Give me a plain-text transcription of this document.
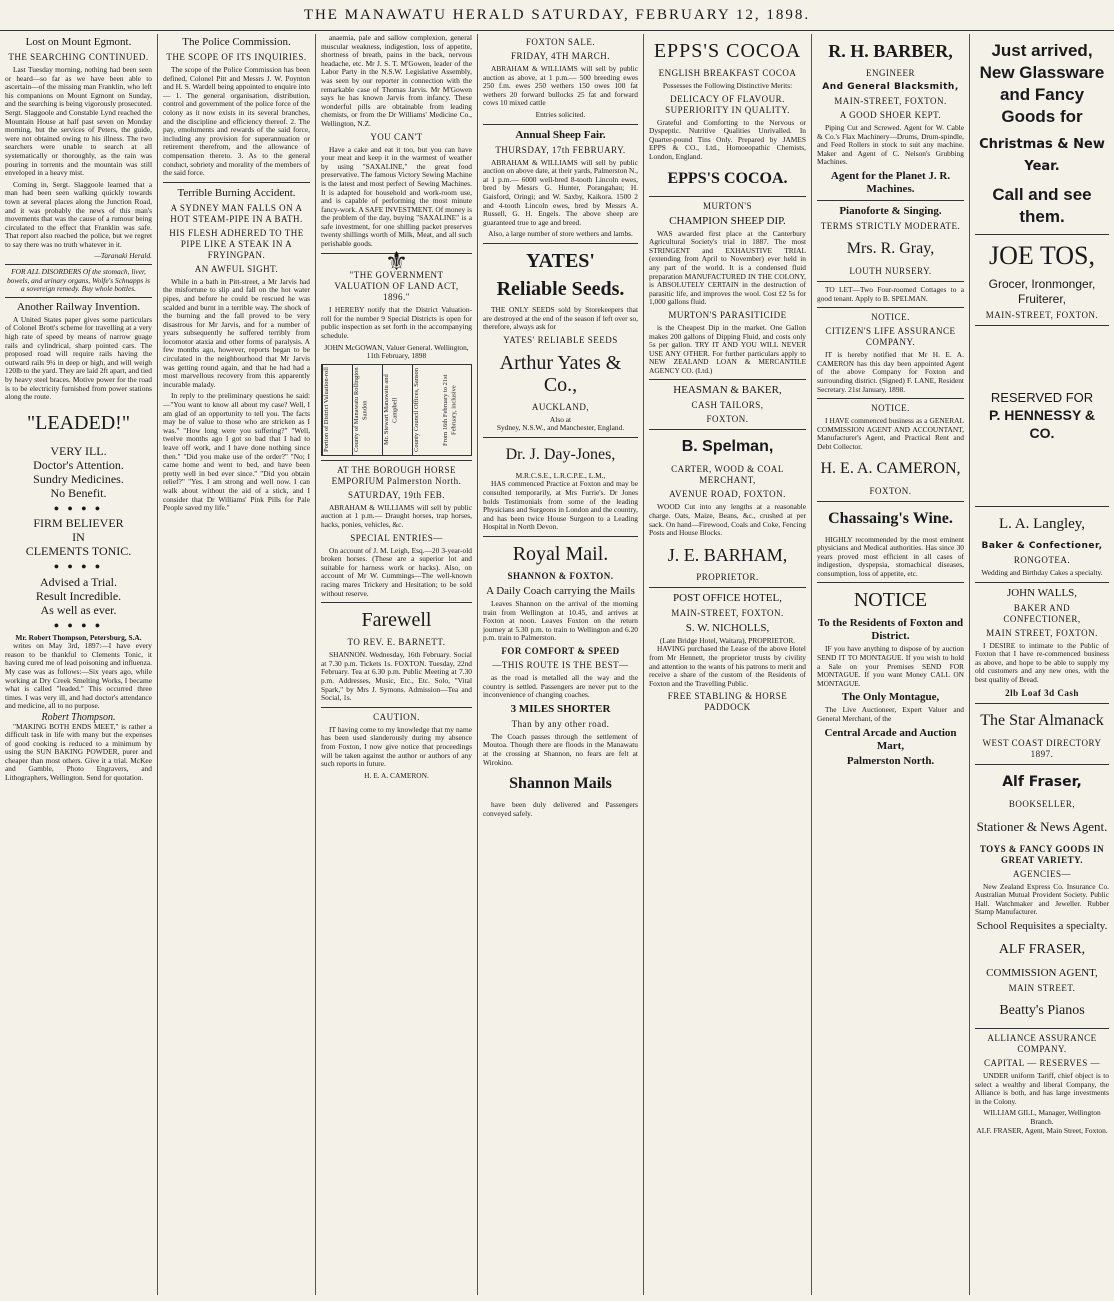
THE MANAWATU HERALD SATURDAY, FEBRUARY 12, 1898.
Lost on Mount Egmont.
THE SEARCHING CONTINUED.

Last Tuesday morning, nothing had been seen or heard—so far as we have been able to ascertain—of the missing man Franklin, who left his companions on Mount Egmont on Sunday, and the searching is being vigorously prosecuted. Sergt. Slaggoole and Constable Lynd reached the Mountain House at half past seven on Monday morning, but the services of Peters, the guide, were not obtained owing to his illness. The two searchers were unable to search at all systematically or thoroughly, as the rain was pouring in torrents and the mountain was still enveloped in a heavy mist.

Coming in, Sergt. Slaggoole learned that a man had been seen walking quickly towards town at several places along the Junction Road, and it was probably the news of this man's movements that was the cause of a rumour being circulated to the effect that Franklin was safe. That report also reached the police, but we regret to say there was no truth whatever in it.

—Taranaki Herald.

FOR ALL DISORDERS Of the stomach, liver, bowels, and urinary organs, Wolfe's Schnapps is a sovereign remedy. Buy whole bottles.
Another Railway Invention.

A United States paper gives some particulars of Colonel Brott's scheme for travelling at a very high rate of speed by means of narrow guage rails and cylindrical, sharp pointed cars. The proposed road will require rails having the outward rails 9¼ in deep or high, and will weigh 120lb to the yard. They are laid 2ft apart, and tied by heavy steel braces. Motive power for the road is to be electricity furnished from power stations along the route.

"LEADED!"
VERY ILL.
Doctor's Attention.
Sundry Medicines.
No Benefit.
● ● ● ●
FIRM BELIEVER
IN
CLEMENTS TONIC.
● ● ● ●
Advised a Trial.
Result Incredible.
As well as ever.
● ● ● ●
Mr. Robert Thompson, Petersburg, S.A.

writes on May 3rd, 1897:—I have every reason to be thankful to Clements Tonic, it having cured me of lead poisoning and influenza. My case was as follows:—Six years ago, while working at Dry Creek Smelting Works, I became what is called "leaded." This occurred three times. I was very ill, and had doctor's attendance and medicine, all to no purpose.

Robert Thompson.

"MAKING BOTH ENDS MEET," is rather a difficult task in life with many but the expenses of good cooking is reduced to a minimum by using the SUN BAKING POWDER, purer and cheaper than most others. Give it a trial. McKee and Gamble, Photo Engravers, and Lithographers, Wellington. Send for quotation.

The Police Commission.
THE SCOPE OF ITS INQUIRIES.

The scope of the Police Commission has been defined, Colonel Pitt and Messrs J. W. Poynton and H. S. Wardell being appointed to enquire into— 1. The general organisation, distribution, control and government of the police force of the colony as it now exists in its several branches, and the discipline and efficiency thereof. 2. The pay, emoluments and rewards of the said force, including any provision for superannuation or retirement therefrom, and the allowance of compensation thereto. 3. As to the general conduct, sobriety and morality of the members of the said force.

Terrible Burning Accident.
A SYDNEY MAN FALLS ON A HOT STEAM-PIPE IN A BATH.
HIS FLESH ADHERED TO THE PIPE LIKE A STEAK IN A FRYINGPAN.
AN AWFUL SIGHT.

While in a bath in Pitt-street, a Mr Jarvis had the misfortune to slip and fall on the hot water pipes, and before he could be rescued he was scalded and burnt in a terrible way. The shock of the burning and the fall proved to be very disastrous for Mr Jarvis, and for a number of years subsequently he suffered terribly from locomotor ataxia and other forms of paralysis. A few months ago, however, reports began to be circulated in the neighbourhood that Mr Jarvis was getting round again, and that he had had a most marvellous recovery from this apparently incurable malady.

In reply to the preliminary questions he said:—"You want to know all about my case? Well, I am glad of an opportunity to tell you. The facts may be of value to those who are stricken as I was." "How long were you suffering?" "Well, twelve months ago I got so bad that I had to leave off work, and I have done nothing since then." "Did you make use of the order?" "No; I came home and went to bed, and have been pretty well in bed ever since." "Did you obtain relief?" "Yes. I am strong and well now. I can walk about without the aid of a stick, and I consider that Dr Williams' Pink Pills for Pale People saved my life."

anaemia, pale and sallow complexion, general muscular weakness, indigestion, loss of appetite, shortness of breath, pains in the back, nervous headache, etc. Mr J. S. T. M'Gowen, leader of the Labor Party in the N.S.W. Legislative Assembly, was seen by our reporter in connection with the remarkable case of Thomas Jarvis. Mr M'Gowen says he has known Jarvis from infancy. These wonderful pills are obtainable from leading chemists, or from the Dr Williams' Medicine Co., Wellington, N.Z.

YOU CAN'T

Have a cake and eat it too, but you can have your meat and keep it in the warmest of weather by using "SAXALINE," the great food preservative. The famous Victory Sewing Machine is the latest and most perfect of Sewing Machines. It is adapted for household and work-room use, and is capable of performing the most minute fancy-work. A SAFE INVESTMENT. Of money is the problem of the day, buying "SAXALINE" is a safe investment, for one shilling packet preserves twenty shillings worth of Milk, Meat, and all such perishable goods.

⚜
"THE GOVERNMENT VALUATION OF LAND ACT, 1896."

I HEREBY notify that the District Valuation-roll for the number 9 Special Districts is open for public inspection as set forth in the accompanying schedule.

JOHN McGOWAN, Valuer General. Wellington, 11th February, 1898
Portion of District Valuation-roll	County of Manawatu Rollington Sandon	Mr. Stewart Manawatu and Campbell	County Council Offices, Sanson	From 16th February to 21st February, inclusive
AT THE BOROUGH HORSE EMPORIUM Palmerston North.
SATURDAY, 19th FEB.

ABRAHAM & WILLIAMS will sell by public auction at 1 p.m.— Draught horses, trap horses, hacks, ponies, vehicles, &c.

SPECIAL ENTRIES—

On account of J. M. Leigh, Esq.—20 3-year-old broken horses. (These are a superior lot and suitable for harness work or hacks). Also, on account of Mr W. Cummings—The well-known racing mares Trickery and Hesitation; to be sold without reserve.

Farewell
TO REV. E. BARNETT.

SHANNON. Wednesday, 16th February. Social at 7.30 p.m. Tickets 1s. FOXTON. Tuesday, 22nd February. Tea at 6.30 p.m. Public Meeting at 7.30 p.m. Addresses, Music, Etc., Etc. Solo, "Vital Spark," by Mrs J. Symons. Admission—Tea and Social, 1s.

CAUTION.

IT having come to my knowledge that my name has been used slanderously during my absence from Foxton, I now give notice that proceedings will be taken against the author or authors of any such reports in future.

H. E. A. CAMERON.
FOXTON SALE.
FRIDAY, 4TH MARCH.

ABRAHAM & WILLIAMS will sell by public auction as above, at 1 p.m.— 500 breeding ewes 250 f.m. ewes 250 wethers 150 owes 100 fat wethers 20 forward bullocks 25 fat and forward cows 10 mixed cattle

Entries solicited.
Annual Sheep Fair.
THURSDAY, 17th FEBRUARY.

ABRAHAM & WILLIAMS will sell by public auction on above date, at their yards, Palmerston N., at 1 p.m.— 6000 well-bred 8-tooth Lincoln ewes, bred by Messrs G. Hunter, Porangahau; H. Gaisford, Oringi; and W. Saxby, Kaikora. 1500 2 and 4-tooth Lincoln ewes, bred by Messrs A. Russell, G. H. Engels. The above sheep are guaranteed true to age and breed.

Also, a large number of store wethers and lambs.
YATES'
Reliable Seeds.

THE ONLY SEEDS sold by Storekeepers that are destroyed at the end of the season if left over so, therefore, always ask for

YATES' RELIABLE SEEDS
Arthur Yates & Co.,
AUCKLAND,
Also at
Sydney, N.S.W., and Manchester, England.
Dr. J. Day-Jones,
M.R.C.S.E., L.R.C.P.E., L.M.,

HAS commenced Practice at Foxton and may be consulted temporarily, at Mrs Furrie's. Dr Jones holds Testimonials from some of the leading Physicians and Surgeons in London and the country, and has been twice House Surgeon to a Leading Hospital in North Devon.

Royal Mail.
SHANNON & FOXTON.
A Daily Coach carrying the Mails

Leaves Shannon on the arrival of the morning train from Wellington at 10.45, and arrives at Foxton at noon. Leaves Foxton on the return journey at 5.30 p.m. to train to Wellington and 6.20 p.m. train to Palmerston.

FOR COMFORT & SPEED
—THIS ROUTE IS THE BEST—

as the road is metalled all the way and the country is settled. Passengers are never put to the inconvenience of changing coaches.

3 MILES SHORTER
Than by any other road.

The Coach passes through the settlement of Moutoa. Though there are floods in the Manawatu at the crossing at Shannon, no fears are felt at Wirokino.

Shannon Mails

have been duly delivered and Passengers conveyed safely.

EPPS'S COCOA
ENGLISH BREAKFAST COCOA
Possesses the Following Distinctive Merits:
DELICACY OF FLAVOUR. SUPERIORITY IN QUALITY.

Grateful and Comforting to the Nervous or Dyspeptic. Nutritive Qualities Unrivalled. In Quarter-pound Tins Only. Prepared by JAMES EPPS & CO., Ltd., Homoeopathic Chemists, London, England.

EPPS'S COCOA.
MURTON'S
CHAMPION SHEEP DIP.

WAS awarded first place at the Canterbury Agricultural Society's trial in 1887. The most STRINGENT and EXHAUSTIVE TRIAL (extending from April to November) ever held in any part of the world. It is a condensed fluid preparation MANUFACTURED IN THE COLONY, is ABSOLUTELY CERTAIN in the destruction of parasitic life, and improves the wool. Cost £2 5s for 1,000 gallons fluid.

MURTON'S PARASITICIDE

is the Cheapest Dip in the market. One Gallon makes 200 gallons of Dipping Fluid, and costs only 5s per gallon. TRY IT AND YOU WILL NEVER USE ANY OTHER. For further particulars apply to NEW ZEALAND LOAN & MERCANTILE AGENCY CO. (Ltd.)

HEASMAN & BAKER,
CASH TAILORS,
FOXTON.
B. Spelman,
CARTER, WOOD & COAL MERCHANT,
AVENUE ROAD, FOXTON.

WOOD Cut into any lengths at a reasonable charge. Oats, Maize, Beans, &c., crushed at per sack. On hand—Firewood, Coals and Coke, Fencing Posts and House Blocks.

J. E. BARHAM,
PROPRIETOR.
POST OFFICE HOTEL,
MAIN-STREET, FOXTON.
S. W. NICHOLLS,
(Late Bridge Hotel, Waitara), PROPRIETOR.

HAVING purchased the Lease of the above Hotel from Mr Hennett, the proprietor trusts by civility and attention to the wants of his patrons to merit and receive a share of the custom of the Residents of Foxton and the Travelling Public.

FREE STABLING & HORSE PADDOCK
R. H. BARBER,
ENGINEER
And General Blacksmith,
MAIN-STREET, FOXTON.
A GOOD SHOER KEPT.

Piping Cut and Screwed. Agent for W. Cable & Co.'s Flax Machinery—Drums, Drum-spindle, and Feed Rollers in stock to suit any machine. Maker and Agent of C. Nelson's Grubbing Machines.

Agent for the Planet J. R. Machines.
Pianoforte & Singing.
TERMS STRICTLY MODERATE.
Mrs. R. Gray,
LOUTH NURSERY.

TO LET—Two Four-roomed Cottages to a good tenant. Apply to B. SPELMAN.

NOTICE.
CITIZEN'S LIFE ASSURANCE COMPANY.

IT is hereby notified that Mr H. E. A. CAMERON has this day been appointed Agent of the above Company for Foxton and surrounding district. (Signed) F. LANE, Resident Secretary. 21st January, 1898.

NOTICE.

I HAVE commenced business as a GENERAL COMMISSION AGENT AND ACCOUNTANT, Manufacturer's Agent, and Practical Rent and Debt Collector.

H. E. A. CAMERON,
FOXTON.
Chassaing's Wine.

HIGHLY recommended by the most eminent physicians and Medical authorities. Has since 30 years proved most efficient in all cases of indigestion, dyspepsia, stomachical diseases, consumption, loss of appetite, etc.

NOTICE
To the Residents of Foxton and District.

IF you have anything to dispose of by auction SEND IT TO MONTAGUE. If you wish to hold a Sale on your Premises SEND FOR MONTAGUE. If you want Money CALL ON MONTAGUE.

The Only Montague,

The Live Auctioneer, Expert Valuer and General Merchant, of the

Central Arcade and Auction Mart,
Palmerston North.
Just arrived, New Glassware and Fancy Goods for
Christmas & New Year.
Call and see them.
JOE TOS,
Grocer, Ironmonger, Fruiterer,
MAIN-STREET, FOXTON.
RESERVED FOR
P. HENNESSY & CO.
L. A. Langley,
Baker & Confectioner,
RONGOTEA.
Wedding and Birthday Cakes a specialty.
JOHN WALLS,
BAKER AND CONFECTIONER,
MAIN STREET, FOXTON.

I DESIRE to intimate to the Public of Foxton that I have re-commenced business as above, and hope to be able to supply my old customers and any new ones, with the best quality of Bread.

2lb Loaf 3d Cash
The Star Almanack
WEST COAST DIRECTORY 1897.
Alf Fraser,
BOOKSELLER,
Stationer & News Agent.
TOYS & FANCY GOODS IN GREAT VARIETY.
AGENCIES—

New Zealand Express Co. Insurance Co. Australian Mutual Provident Society. Public Hall. Watchmaker and Jeweller. Rubber Stamp Manufacturer.

School Requisites a specialty.
ALF FRASER,
COMMISSION AGENT,
MAIN STREET.
Beatty's Pianos
ALLIANCE ASSURANCE COMPANY.
CAPITAL — RESERVES —

UNDER uniform Tariff, chief object is to select a wealthy and liberal Company, the Alliance is both, and has large investments in the Colony.

WILLIAM GILL, Manager, Wellington Branch.
ALF. FRASER, Agent, Main Street, Foxton.
